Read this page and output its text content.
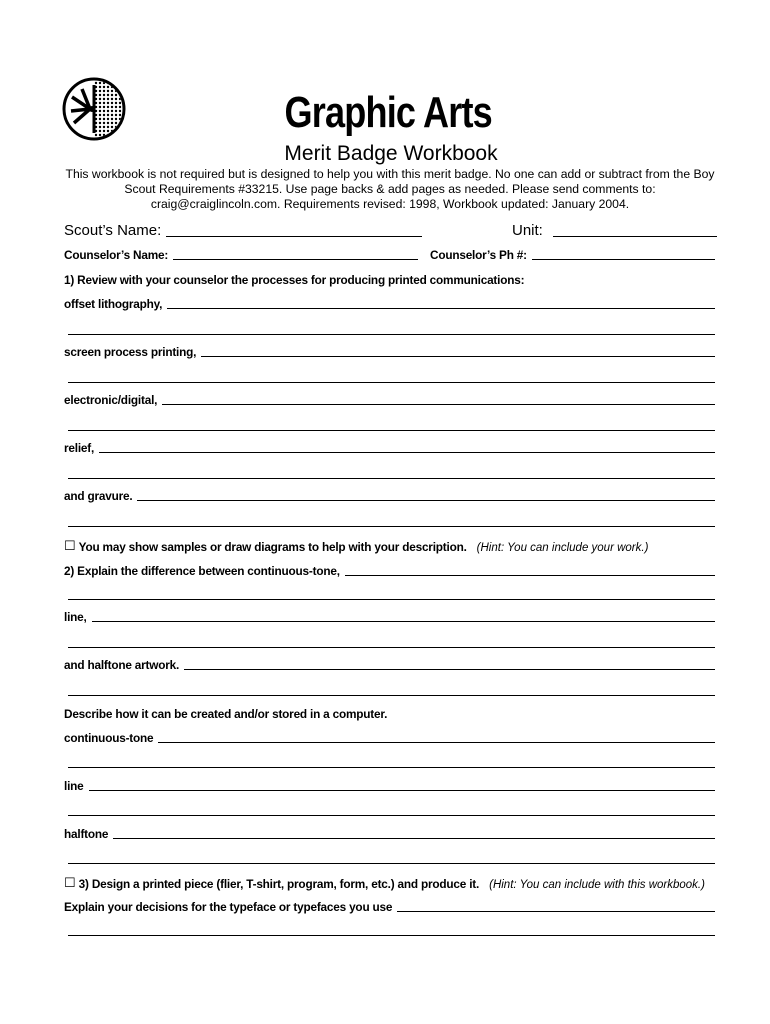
Graphic Arts
Merit Badge Workbook
This workbook is not required but is designed to help you with this merit badge. No one can add or subtract from the Boy Scout Requirements #33215. Use page backs & add pages as needed. Please send comments to: craig@craiglincoln.com. Requirements revised: 1998, Workbook updated: January 2004.
Scout’s Name:	Unit:
Counselor’s Name:	Counselor’s Ph #:
1) Review with your counselor the processes for producing printed communications:
offset lithography,
screen process printing,
electronic/digital,
relief,
and gravure.
☐ You may show samples or draw diagrams to help with your description. (Hint: You can include your work.)
2) Explain the difference between continuous-tone,
line,
and halftone artwork.
Describe how it can be created and/or stored in a computer.
continuous-tone
line
halftone
☐ 3) Design a printed piece (flier, T-shirt, program, form, etc.) and produce it. (Hint: You can include with this workbook.)
Explain your decisions for the typeface or typefaces you use
